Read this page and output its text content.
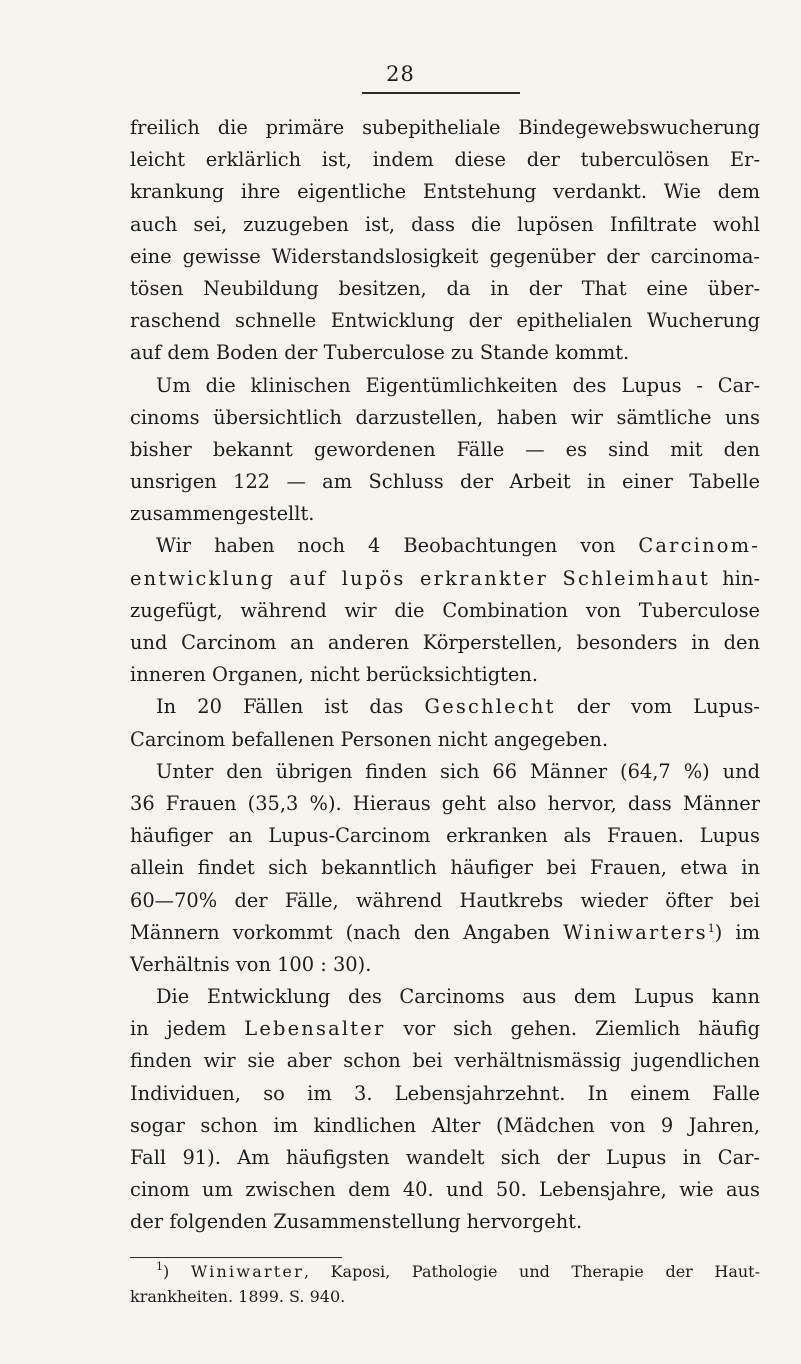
28
freilich die primäre subepitheliale Bindegewebswucherung
leicht erklärlich ist, indem diese der tuberculösen Er-
krankung ihre eigentliche Entstehung verdankt. Wie dem
auch sei, zuzugeben ist, dass die lupösen Infiltrate wohl
eine gewisse Widerstandslosigkeit gegenüber der carcinoma-
tösen Neubildung besitzen, da in der That eine über-
raschend schnelle Entwicklung der epithelialen Wucherung
auf dem Boden der Tuberculose zu Stande kommt.
Um die klinischen Eigentümlichkeiten des Lupus - Car-
cinoms übersichtlich darzustellen, haben wir sämtliche uns
bisher bekannt gewordenen Fälle — es sind mit den
unsrigen 122 — am Schluss der Arbeit in einer Tabelle
zusammengestellt.
Wir haben noch 4 Beobachtungen von Carcinom-
entwicklung auf lupös erkrankter Schleimhaut hin-
zugefügt, während wir die Combination von Tuberculose
und Carcinom an anderen Körperstellen, besonders in den
inneren Organen, nicht berücksichtigten.
In 20 Fällen ist das Geschlecht der vom Lupus-
Carcinom befallenen Personen nicht angegeben.
Unter den übrigen finden sich 66 Männer (64,7 %) und
36 Frauen (35,3 %). Hieraus geht also hervor, dass Männer
häufiger an Lupus-Carcinom erkranken als Frauen. Lupus
allein findet sich bekanntlich häufiger bei Frauen, etwa in
60—70% der Fälle, während Hautkrebs wieder öfter bei
Männern vorkommt (nach den Angaben Winiwarters$^1$) im
Verhältnis von 100 : 30).
Die Entwicklung des Carcinoms aus dem Lupus kann
in jedem Lebensalter vor sich gehen. Ziemlich häufig
finden wir sie aber schon bei verhältnismässig jugendlichen
Individuen, so im 3. Lebensjahrzehnt. In einem Falle
sogar schon im kindlichen Alter (Mädchen von 9 Jahren,
Fall 91). Am häufigsten wandelt sich der Lupus in Car-
cinom um zwischen dem 40. und 50. Lebensjahre, wie aus
der folgenden Zusammenstellung hervorgeht.
$^1$) Winiwarter, Kaposi, Pathologie und Therapie der Haut-
krankheiten. 1899. S. 940.
